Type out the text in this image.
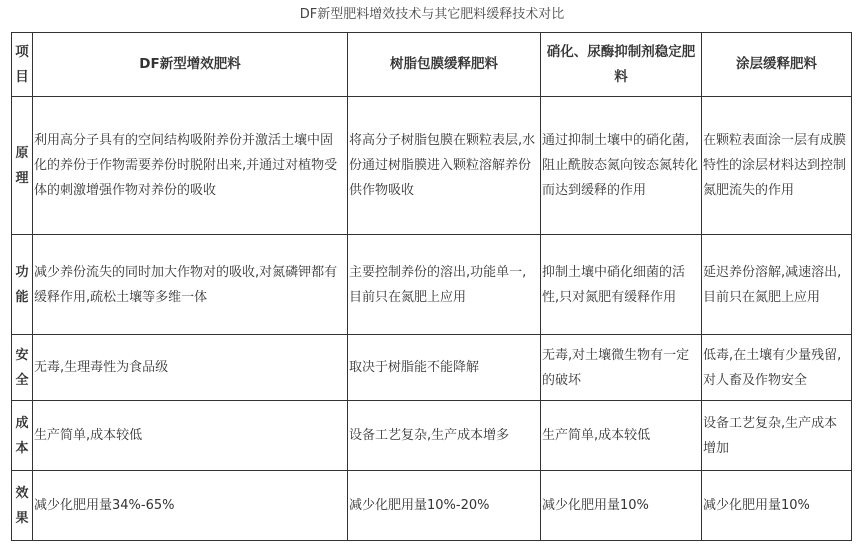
DF新型肥料增效技术与其它肥料缓释技术对比
项目	DF新型增效肥料	树脂包膜缓释肥料	硝化、尿酶抑制剂稳定肥料	涂层缓释肥料
原理	利用高分子具有的空间结构吸附养份并激活土壤中固化的养份于作物需要养份时脱附出来,并通过对植物受体的刺激增强作物对养份的吸收	将高分子树脂包膜在颗粒表层,水份通过树脂膜进入颗粒溶解养份供作物吸收	通过抑制土壤中的硝化菌,阻止酰胺态氮向铵态氮转化而达到缓释的作用	在颗粒表面涂一层有成膜特性的涂层材料达到控制氮肥流失的作用
功能	减少养份流失的同时加大作物对的吸收,对氮磷钾都有缓释作用,疏松土壤等多维一体	主要控制养份的溶出,功能单一,目前只在氮肥上应用	抑制土壤中硝化细菌的活性,只对氮肥有缓释作用	延迟养份溶解,减速溶出,目前只在氮肥上应用
安全	无毒,生理毒性为食品级	取决于树脂能不能降解	无毒,对土壤微生物有一定的破坏	低毒,在土壤有少量残留,对人畜及作物安全
成本	生产简单,成本较低	设备工艺复杂,生产成本增多	生产简单,成本较低	设备工艺复杂,生产成本增加
效果	减少化肥用量34%-65%	减少化肥用量10%-20%	减少化肥用量10%	减少化肥用量10%
